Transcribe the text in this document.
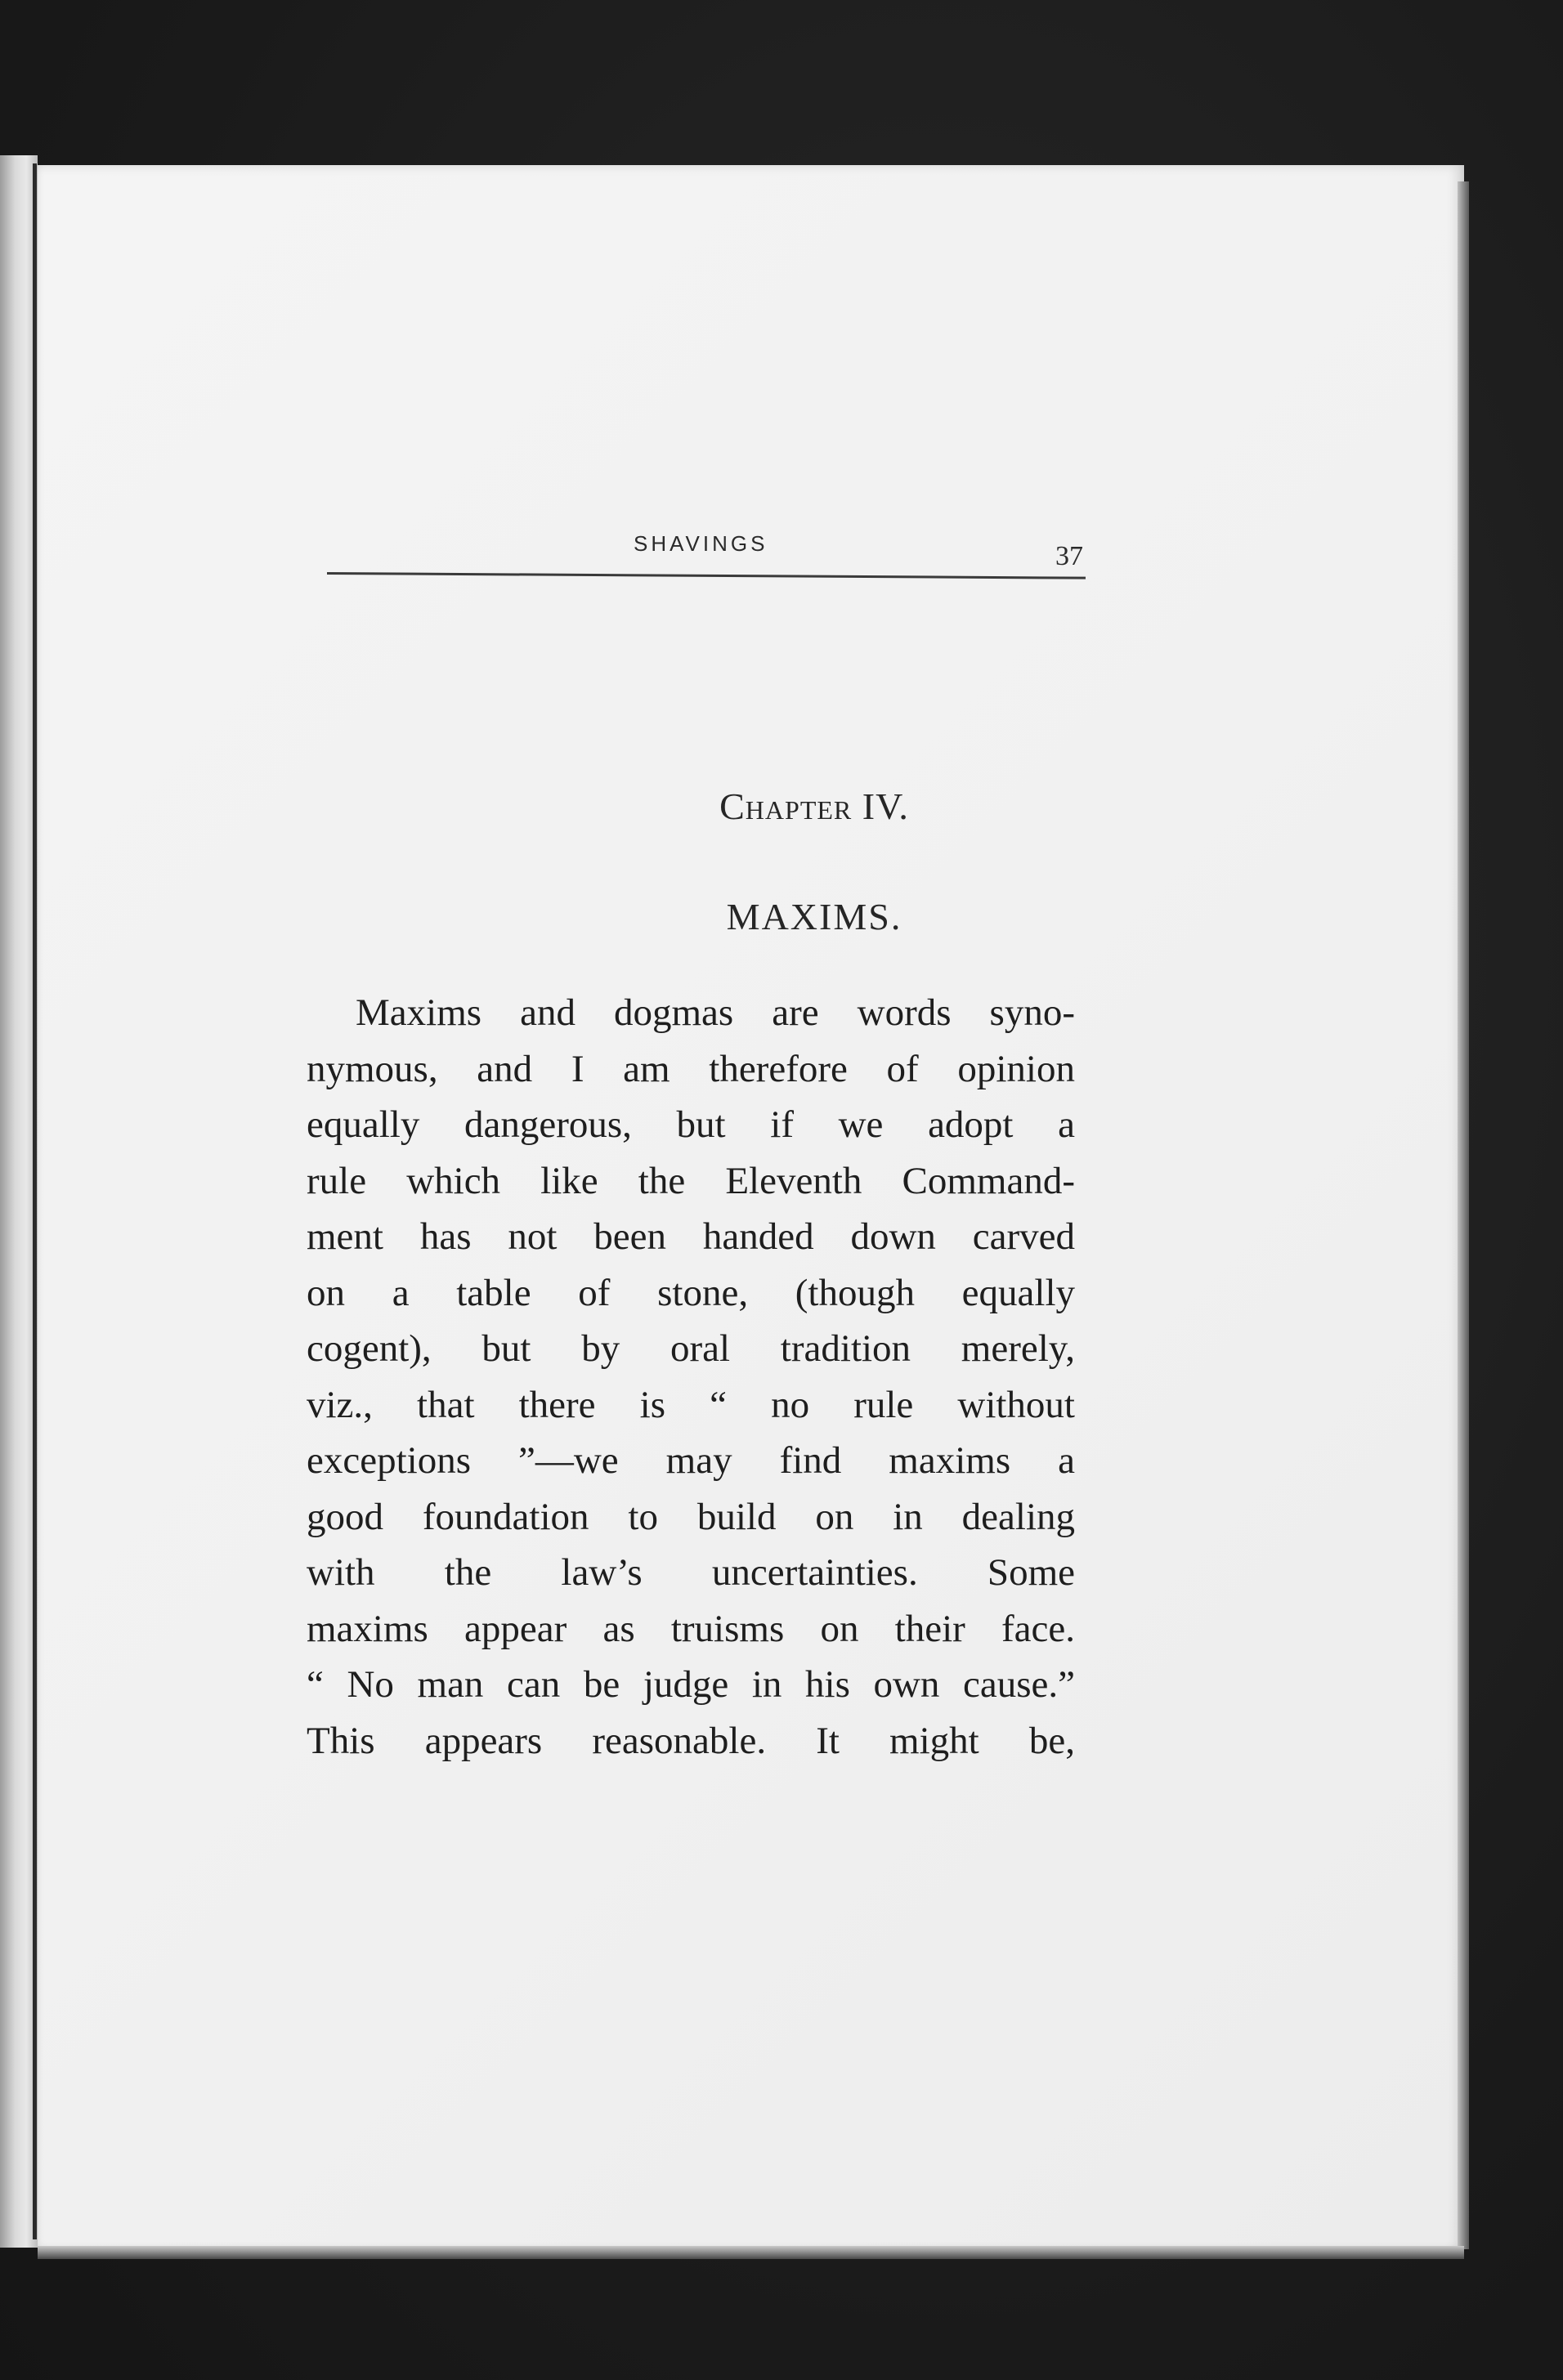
SHAVINGS	37
Chapter IV.
MAXIMS.
Maxims and dogmas are words syno-
nymous, and I am therefore of opinion
equally dangerous, but if we adopt a
rule which like the Eleventh Command-
ment has not been handed down carved
on a table of stone, (though equally
cogent), but by oral tradition merely,
viz., that there is “ no rule without
exceptions ”—we may find maxims a
good foundation to build on in dealing
with the law’s uncertainties. Some
maxims appear as truisms on their face.
“ No man can be judge in his own cause.”
This appears reasonable. It might be,
